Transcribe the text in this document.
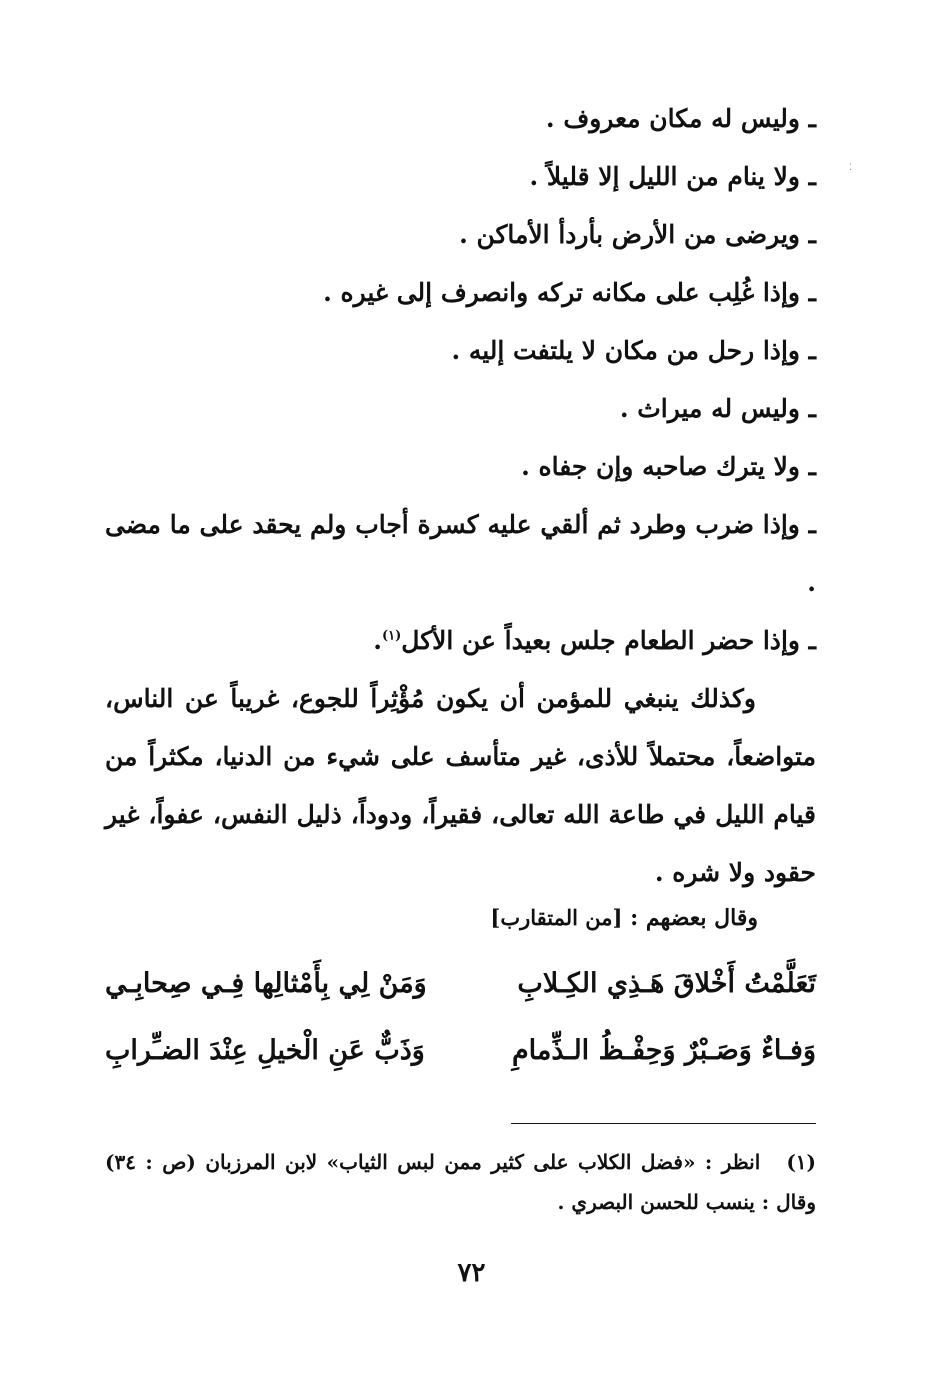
⁚
ـ وليس له مكان معروف .
ـ ولا ينام من الليل إلا قليلاً .
ـ ويرضى من الأرض بأردأ الأماكن .
ـ وإذا غُلِب على مكانه تركه وانصرف إلى غيره .
ـ وإذا رحل من مكان لا يلتفت إليه .
ـ وليس له ميراث .
ـ ولا يترك صاحبه وإن جفاه .
ـ وإذا ضرب وطرد ثم ألقي عليه كسرة أجاب ولم يحقد على ما مضى .
ـ وإذا حضر الطعام جلس بعيداً عن الأكل$^{(١)}$.
وكذلك ينبغي للمؤمن أن يكون مُؤْثِراً للجوع، غريباً عن الناس، متواضعاً، محتملاً للأذى، غير متأسف على شيء من الدنيا، مكثراً من قيام الليل في طاعة الله تعالى، فقيراً، ودوداً، ذليل النفس، عفواً، غير حقود ولا شره .
وقال بعضهم : [من المتقارب]
تَعَلَّمْتُ أَخْلاقَ هَـذِي الكِـلابِ
وَمَنْ لِي بِأَمْثالِها فِـي صِحابِـي
وَفـاءٌ وَصَـبْرٌ وَحِفْـظُ الـذِّمامِ
وَذَبٌّ عَنِ الْخيلِ عِنْدَ الضـِّرابِ
(١)انظر : «فضل الكلاب على كثير ممن لبس الثياب» لابن المرزبان (ص : ٣٤) وقال : ينسب للحسن البصري .
٧٢
